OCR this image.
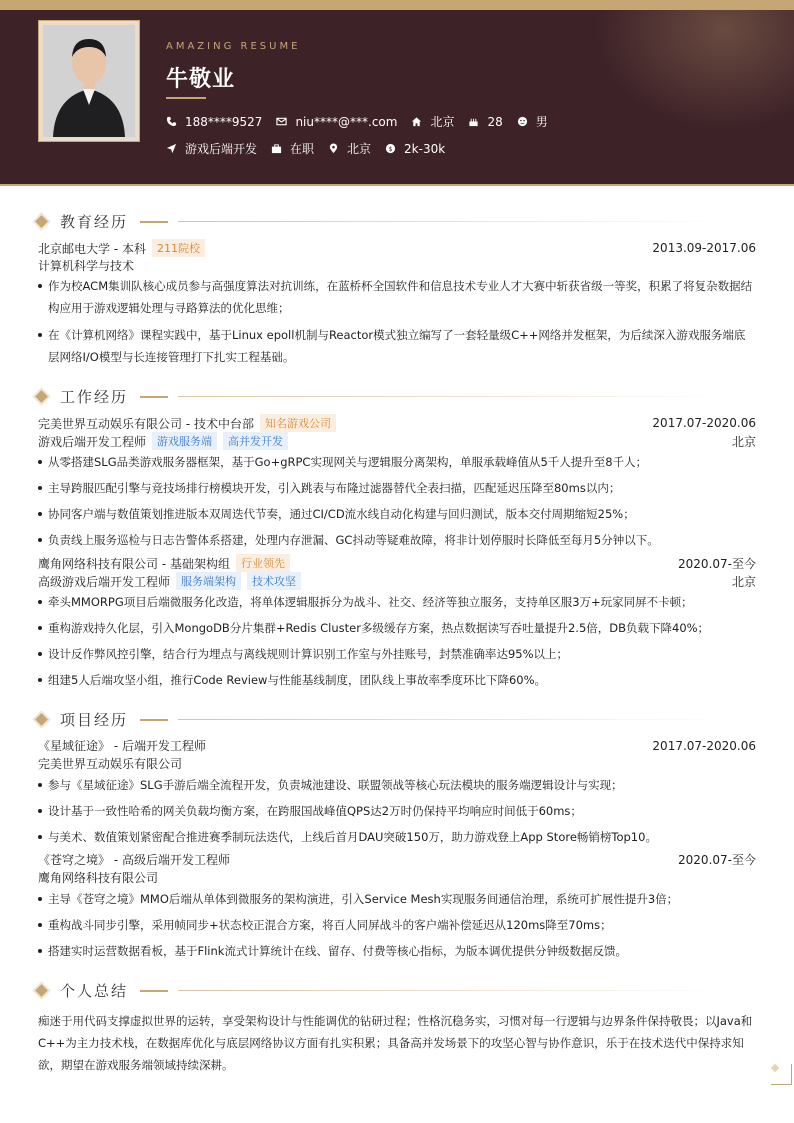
AMAZING RESUME
牛敬业
188****9527	niu****@***.com	北京	28	男
游戏后端开发	在职	北京 $ 2k-30k
教育经历
北京邮电大学 - 本科	211院校	2013.09-2017.06
计算机科学与技术
作为校ACM集训队核心成员参与高强度算法对抗训练，在蓝桥杯全国软件和信息技术专业人才大赛中斩获省级一等奖，积累了将复杂数据结构应用于游戏逻辑处理与寻路算法的优化思维；
在《计算机网络》课程实践中，基于Linux epoll机制与Reactor模式独立编写了一套轻量级C++网络并发框架，为后续深入游戏服务端底层网络I/O模型与长连接管理打下扎实工程基础。
工作经历
完美世界互动娱乐有限公司 - 技术中台部	知名游戏公司	2017.07-2020.06
游戏后端开发工程师	游戏服务端	高并发开发	北京
从零搭建SLG品类游戏服务器框架，基于Go+gRPC实现网关与逻辑服分离架构，单服承载峰值从5千人提升至8千人；
主导跨服匹配引擎与竞技场排行榜模块开发，引入跳表与布隆过滤器替代全表扫描，匹配延迟压降至80ms以内；
协同客户端与数值策划推进版本双周迭代节奏，通过CI/CD流水线自动化构建与回归测试，版本交付周期缩短25%；
负责线上服务巡检与日志告警体系搭建，处理内存泄漏、GC抖动等疑难故障，将非计划停服时长降低至每月5分钟以下。
鹰角网络科技有限公司 - 基础架构组	行业领先	2020.07-至今
高级游戏后端开发工程师	服务端架构	技术攻坚	北京
牵头MMORPG项目后端微服务化改造，将单体逻辑服拆分为战斗、社交、经济等独立服务，支持单区服3万+玩家同屏不卡顿；
重构游戏持久化层，引入MongoDB分片集群+Redis Cluster多级缓存方案，热点数据读写吞吐量提升2.5倍，DB负载下降40%；
设计反作弊风控引擎，结合行为埋点与离线规则计算识别工作室与外挂账号，封禁准确率达95%以上；
组建5人后端攻坚小组，推行Code Review与性能基线制度，团队线上事故率季度环比下降60%。
项目经历
《星域征途》 - 后端开发工程师	2017.07-2020.06
完美世界互动娱乐有限公司
参与《星域征途》SLG手游后端全流程开发，负责城池建设、联盟领战等核心玩法模块的服务端逻辑设计与实现；
设计基于一致性哈希的网关负载均衡方案，在跨服国战峰值QPS达2万时仍保持平均响应时间低于60ms；
与美术、数值策划紧密配合推进赛季制玩法迭代，上线后首月DAU突破150万，助力游戏登上App Store畅销榜Top10。
《苍穹之境》 - 高级后端开发工程师	2020.07-至今
鹰角网络科技有限公司
主导《苍穹之境》MMO后端从单体到微服务的架构演进，引入Service Mesh实现服务间通信治理，系统可扩展性提升3倍；
重构战斗同步引擎，采用帧同步+状态校正混合方案，将百人同屏战斗的客户端补偿延迟从120ms降至70ms；
搭建实时运营数据看板，基于Flink流式计算统计在线、留存、付费等核心指标，为版本调优提供分钟级数据反馈。
个人总结
痴迷于用代码支撑虚拟世界的运转，享受架构设计与性能调优的钻研过程；性格沉稳务实，习惯对每一行逻辑与边界条件保持敬畏；以Java和C++为主力技术栈，在数据库优化与底层网络协议方面有扎实积累；具备高并发场景下的攻坚心智与协作意识，乐于在技术迭代中保持求知欲，期望在游戏服务端领域持续深耕。
